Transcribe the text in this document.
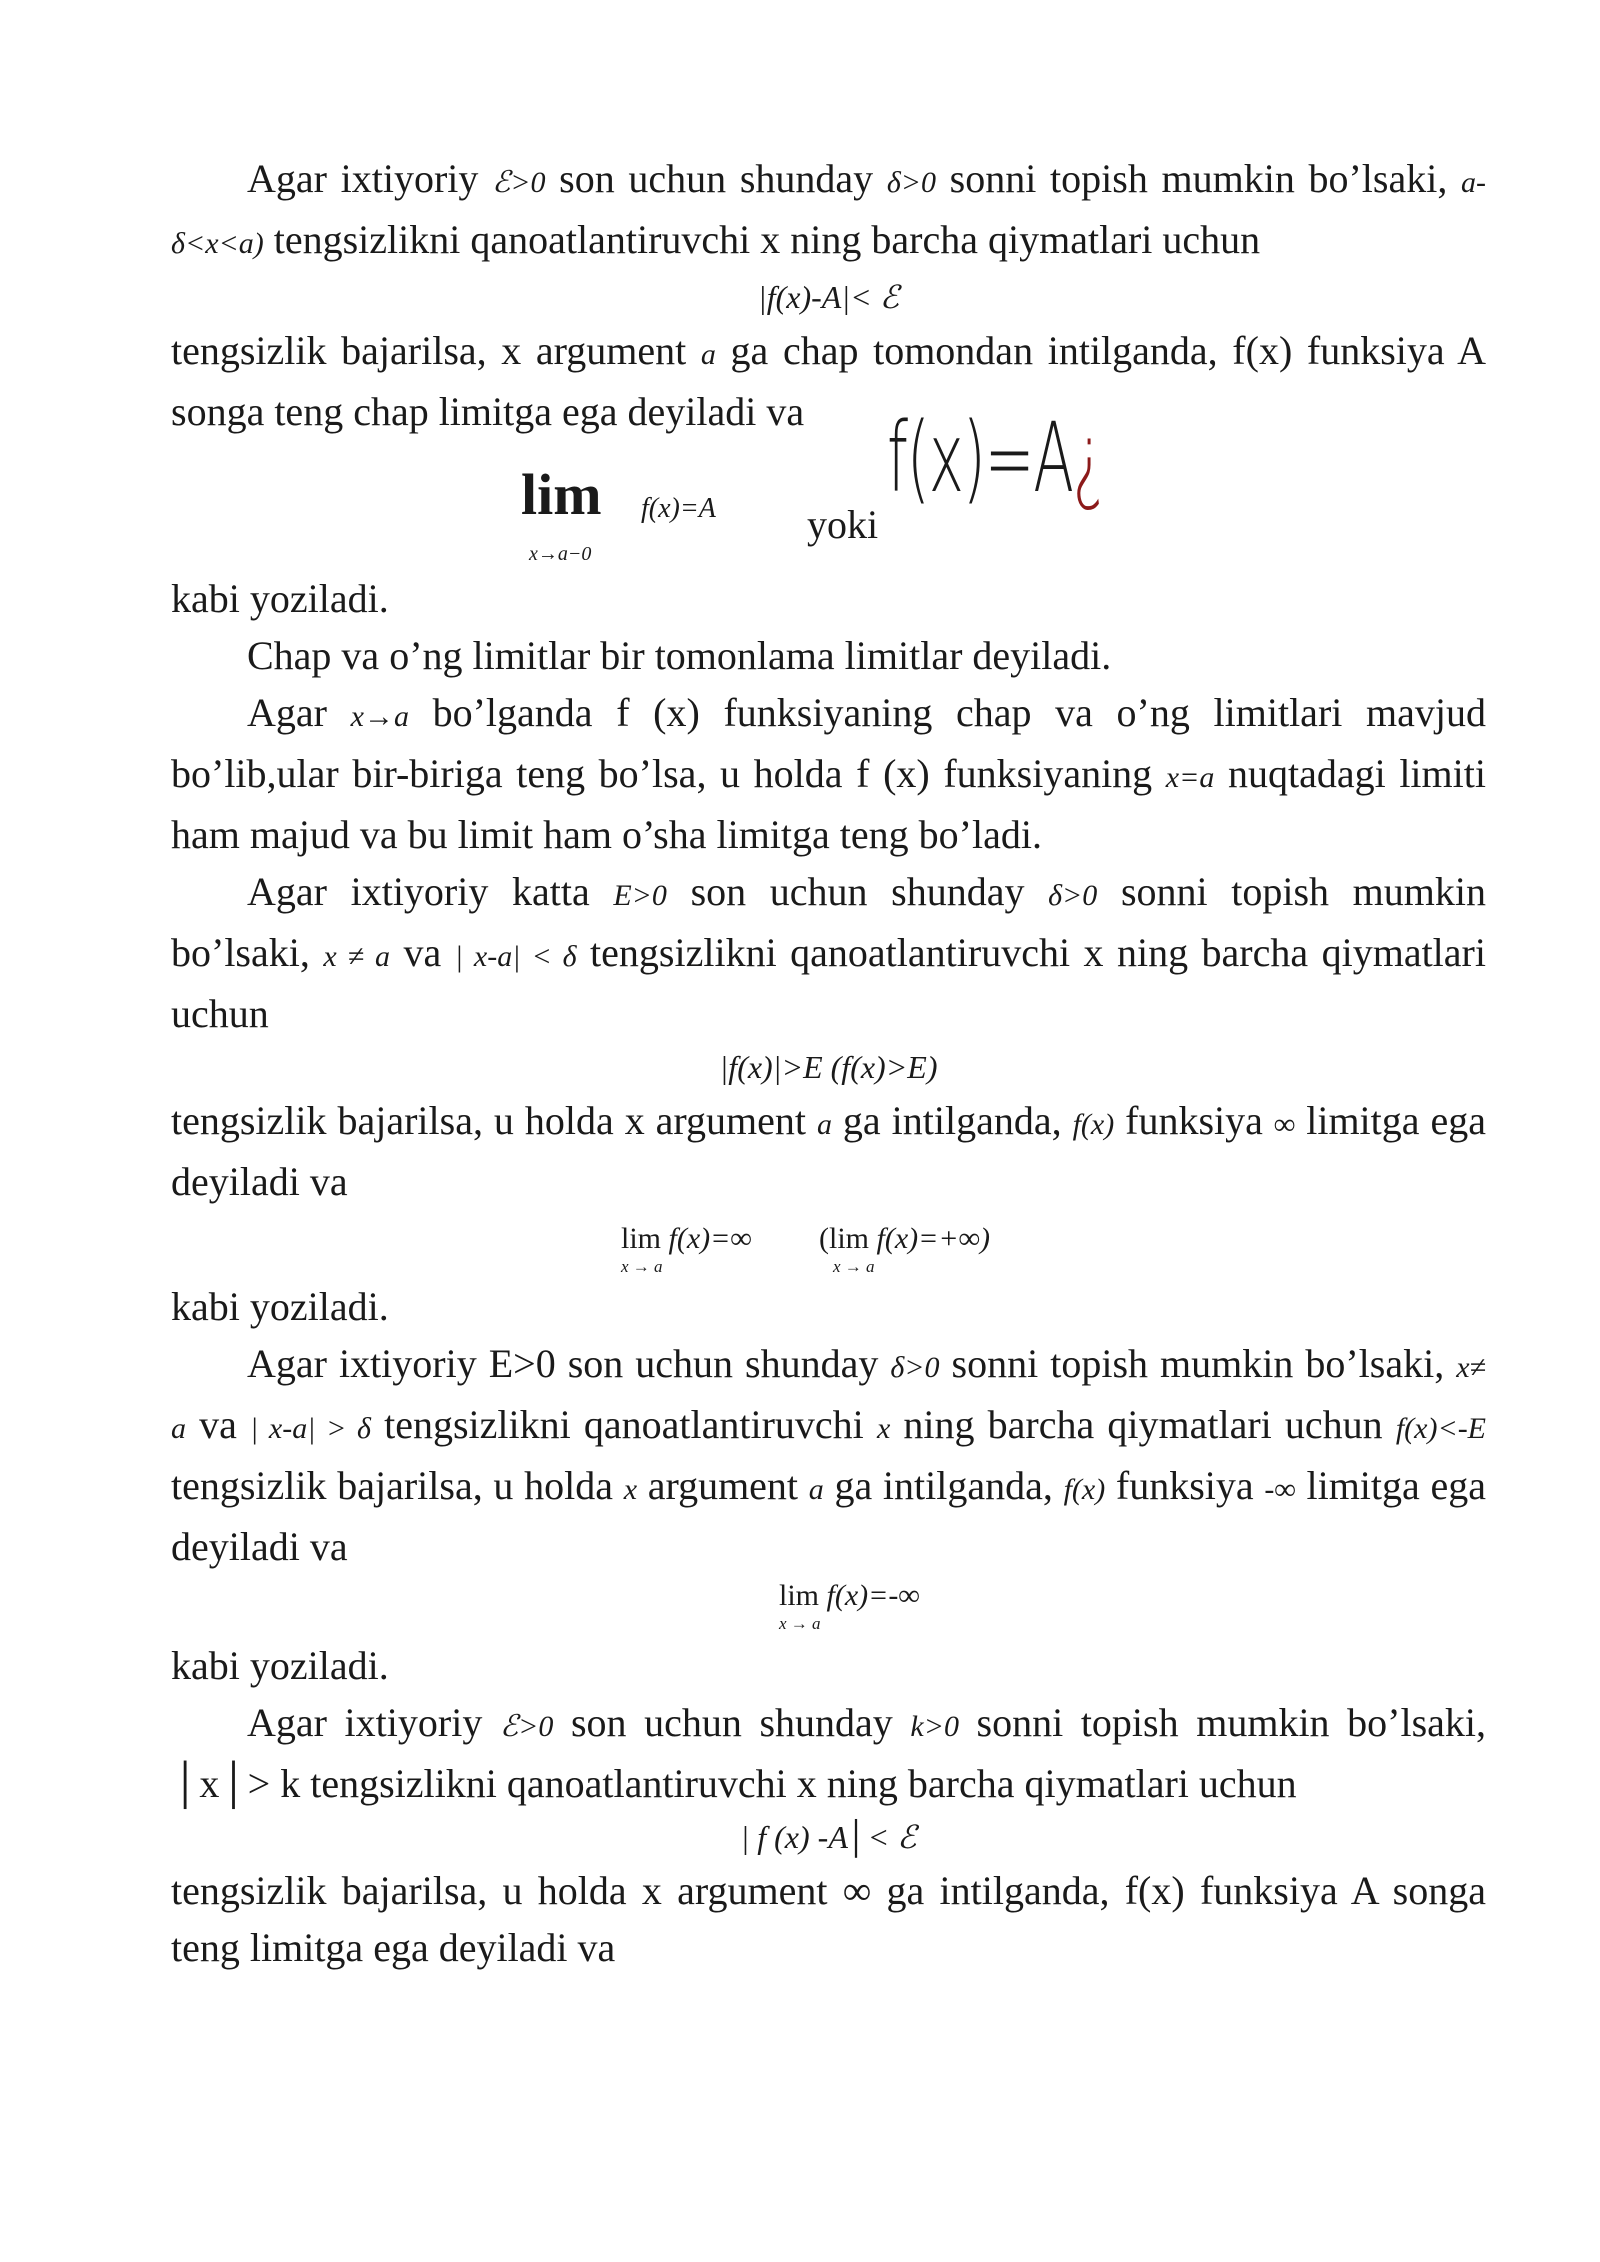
Agar ixtiyoriy ℰ>0 son uchun shunday δ>0 sonni topish mumkin bo’lsaki, a-δ<x<a) tengsizlikni qanoatlantiruvchi x ning barcha qiymatlari uchun

|f(x)-A|< ℰ

tengsizlik bajarilsa, x argument a ga chap tomondan intilganda, f(x) funksiya A songa teng chap limitga ega deyiladi va

lim
x→a−0
f(x)=A yoki
f(x)=A¿

kabi yoziladi.

Chap va o’ng limitlar bir tomonlama limitlar deyiladi.

Agar x→a bo’lganda f (x) funksiyaning chap va o’ng limitlari mavjud bo’lib,ular bir-biriga teng bo’lsa, u holda f (x) funksiyaning x=a nuqtadagi limiti ham majud va bu limit ham o’sha limitga teng bo’ladi.

Agar ixtiyoriy katta E>0 son uchun shunday δ>0 sonni topish mumkin bo’lsaki, x ≠ a va | x-a| < δ tengsizlikni qanoatlantiruvchi x ning barcha qiymatlari uchun

|f(x)|>E (f(x)>E)

tengsizlik bajarilsa, u holda x argument a ga intilganda, f(x) funksiya ∞ limitga ega deyiladi va

lim f(x)=∞
x → a
(lim f(x)=+∞)
x → a

kabi yoziladi.

Agar ixtiyoriy E>0 son uchun shunday δ>0 sonni topish mumkin bo’lsaki, x≠ a va | x-a| > δ tengsizlikni qanoatlantiruvchi x ning barcha qiymatlari uchun f(x)<-E tengsizlik bajarilsa, u holda x argument a ga intilganda, f(x) funksiya -∞ limitga ega deyiladi va

lim f(x)=-∞
x → a

kabi yoziladi.

Agar ixtiyoriy ℰ>0 son uchun shunday k>0 sonni topish mumkin bo’lsaki, │x│> k tengsizlikni qanoatlantiruvchi x ning barcha qiymatlari uchun

| f (x) -A│< ℰ

tengsizlik bajarilsa, u holda x argument ∞ ga intilganda, f(x) funksiya A songa teng limitga ega deyiladi va
